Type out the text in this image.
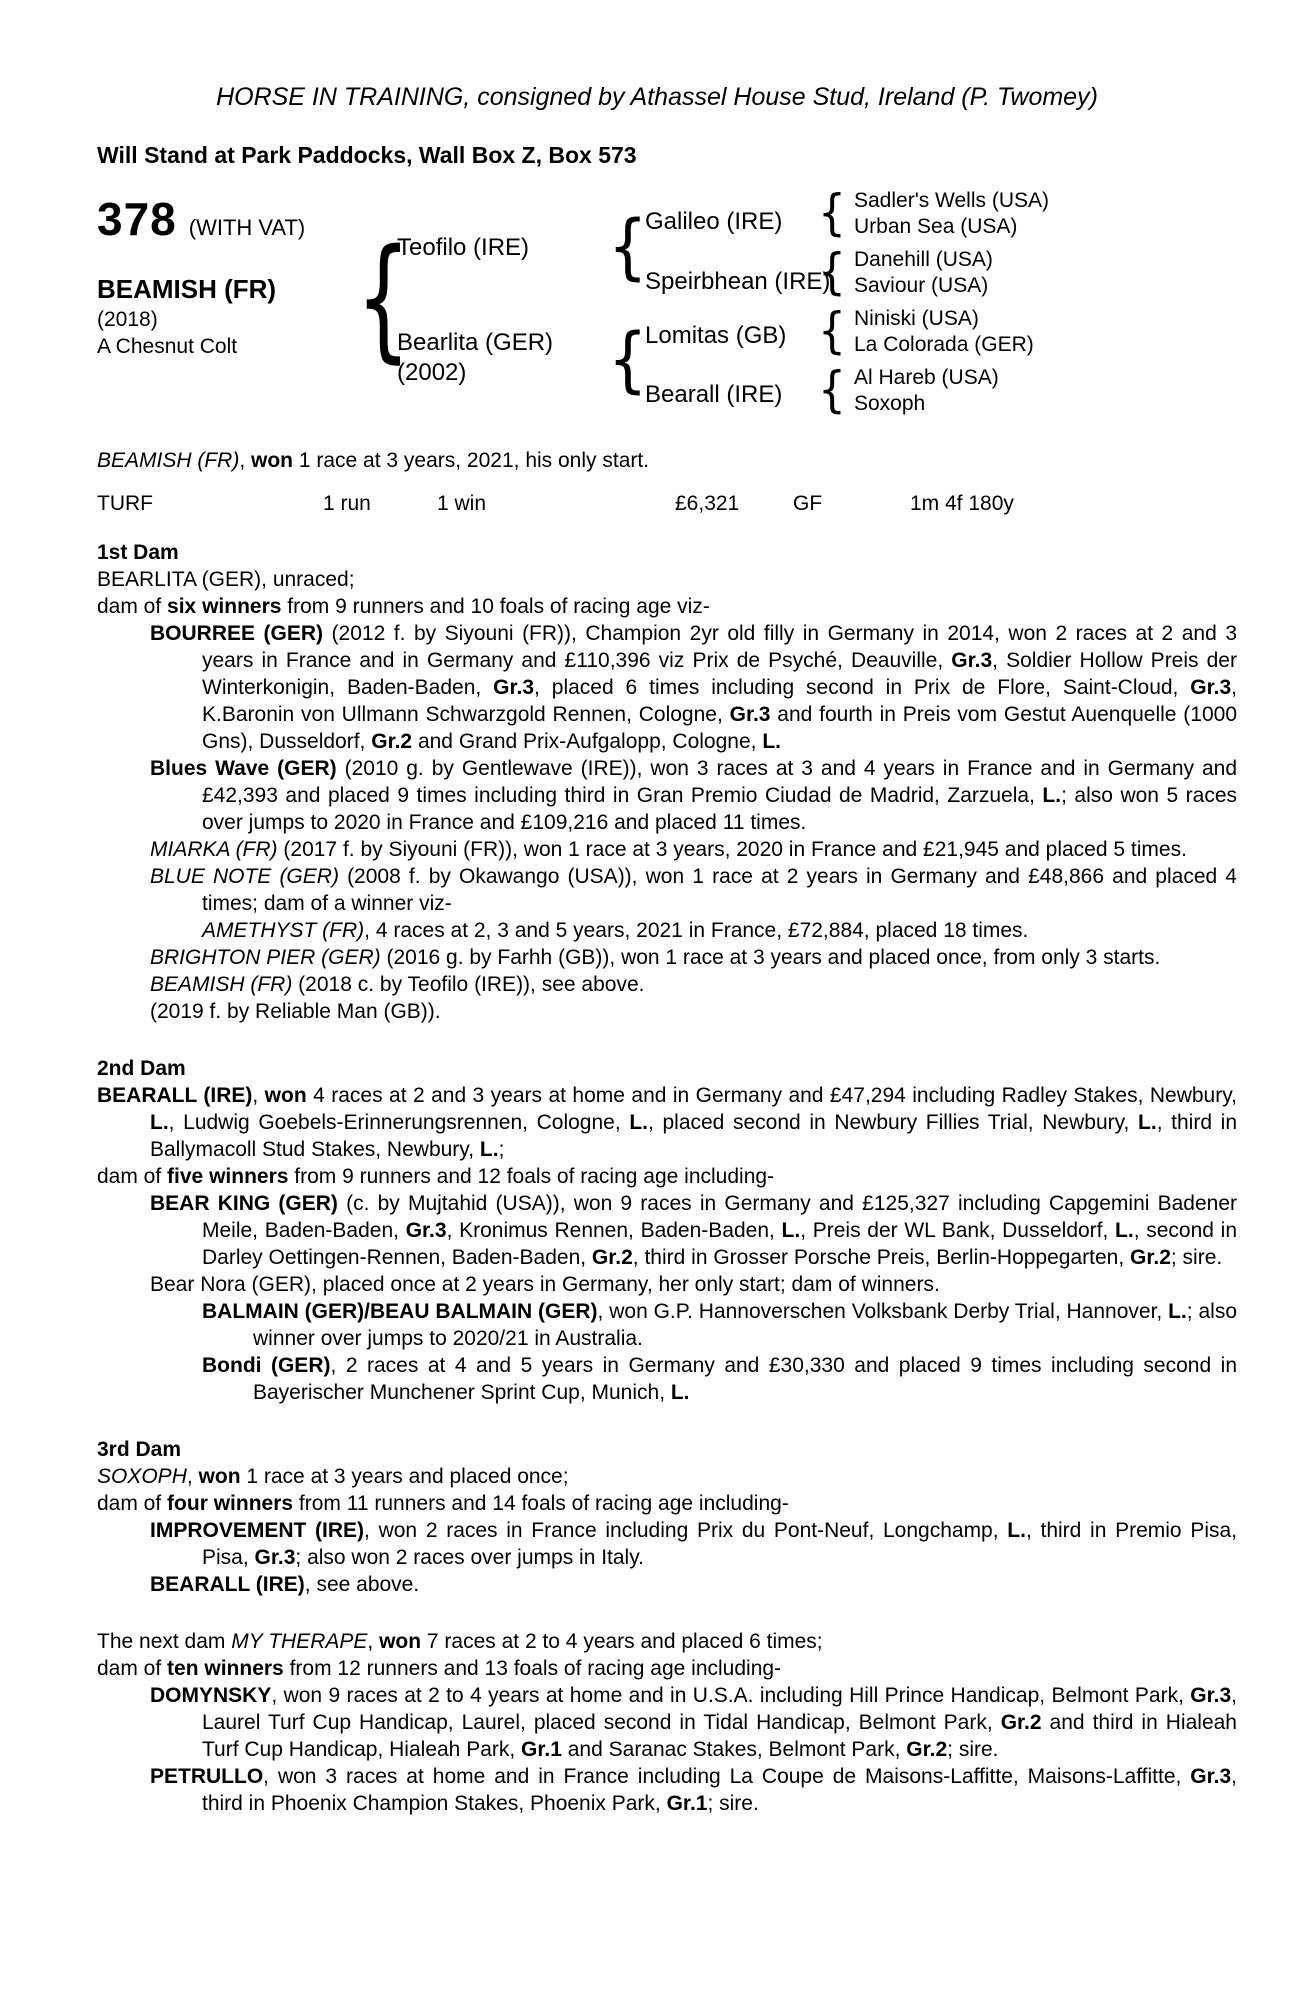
HORSE IN TRAINING, consigned by Athassel House Stud, Ireland (P. Twomey)
Will Stand at Park Paddocks, Wall Box Z, Box 573
378 (WITH VAT)
BEAMISH (FR)
(2018)
A Chesnut Colt {
Teofilo (IRE)
Bearlita (GER)
(2002)
{
{
Galileo (IRE)
Speirbhean (IRE)
Lomitas (GB)
Bearall (IRE)
{ Sadler's Wells (USA)
Urban Sea (USA)
{ Danehill (USA)
Saviour (USA)
{ Niniski (USA)
La Colorada (GER)
{ Al Hareb (USA)
Soxoph

BEAMISH (FR), won 1 race at 3 years, 2021, his only start.

TURF	1 run	1 win	£6,321	GF	1m 4f 180y

1st Dam

BEARLITA (GER), unraced;

dam of six winners from 9 runners and 10 foals of racing age viz-

BOURREE (GER) (2012 f. by Siyouni (FR)), Champion 2yr old filly in Germany in 2014, won 2 races at 2 and 3 years in France and in Germany and £110,396 viz Prix de Psyché, Deauville, Gr.3, Soldier Hollow Preis der Winterkonigin, Baden-Baden, Gr.3, placed 6 times including second in Prix de Flore, Saint-Cloud, Gr.3, K.Baronin von Ullmann Schwarzgold Rennen, Cologne, Gr.3 and fourth in Preis vom Gestut Auenquelle (1000 Gns), Dusseldorf, Gr.2 and Grand Prix-Aufgalopp, Cologne, L.

Blues Wave (GER) (2010 g. by Gentlewave (IRE)), won 3 races at 3 and 4 years in France and in Germany and £42,393 and placed 9 times including third in Gran Premio Ciudad de Madrid, Zarzuela, L.; also won 5 races over jumps to 2020 in France and £109,216 and placed 11 times.

MIARKA (FR) (2017 f. by Siyouni (FR)), won 1 race at 3 years, 2020 in France and £21,945 and placed 5 times.

BLUE NOTE (GER) (2008 f. by Okawango (USA)), won 1 race at 2 years in Germany and £48,866 and placed 4 times; dam of a winner viz-

AMETHYST (FR), 4 races at 2, 3 and 5 years, 2021 in France, £72,884, placed 18 times.

BRIGHTON PIER (GER) (2016 g. by Farhh (GB)), won 1 race at 3 years and placed once, from only 3 starts.

BEAMISH (FR) (2018 c. by Teofilo (IRE)), see above.

(2019 f. by Reliable Man (GB)).

2nd Dam

BEARALL (IRE), won 4 races at 2 and 3 years at home and in Germany and £47,294 including Radley Stakes, Newbury, L., Ludwig Goebels-Erinnerungsrennen, Cologne, L., placed second in Newbury Fillies Trial, Newbury, L., third in Ballymacoll Stud Stakes, Newbury, L.;

dam of five winners from 9 runners and 12 foals of racing age including-

BEAR KING (GER) (c. by Mujtahid (USA)), won 9 races in Germany and £125,327 including Capgemini Badener Meile, Baden-Baden, Gr.3, Kronimus Rennen, Baden-Baden, L., Preis der WL Bank, Dusseldorf, L., second in Darley Oettingen-Rennen, Baden-Baden, Gr.2, third in Grosser Porsche Preis, Berlin-Hoppegarten, Gr.2; sire.

Bear Nora (GER), placed once at 2 years in Germany, her only start; dam of winners.

BALMAIN (GER)/BEAU BALMAIN (GER), won G.P. Hannoverschen Volksbank Derby Trial, Hannover, L.; also winner over jumps to 2020/21 in Australia.

Bondi (GER), 2 races at 4 and 5 years in Germany and £30,330 and placed 9 times including second in Bayerischer Munchener Sprint Cup, Munich, L.

3rd Dam

SOXOPH, won 1 race at 3 years and placed once;

dam of four winners from 11 runners and 14 foals of racing age including-

IMPROVEMENT (IRE), won 2 races in France including Prix du Pont-Neuf, Longchamp, L., third in Premio Pisa, Pisa, Gr.3; also won 2 races over jumps in Italy.

BEARALL (IRE), see above.

The next dam MY THERAPE, won 7 races at 2 to 4 years and placed 6 times;

dam of ten winners from 12 runners and 13 foals of racing age including-

DOMYNSKY, won 9 races at 2 to 4 years at home and in U.S.A. including Hill Prince Handicap, Belmont Park, Gr.3, Laurel Turf Cup Handicap, Laurel, placed second in Tidal Handicap, Belmont Park, Gr.2 and third in Hialeah Turf Cup Handicap, Hialeah Park, Gr.1 and Saranac Stakes, Belmont Park, Gr.2; sire.

PETRULLO, won 3 races at home and in France including La Coupe de Maisons-Laffitte, Maisons-Laffitte, Gr.3, third in Phoenix Champion Stakes, Phoenix Park, Gr.1; sire.
